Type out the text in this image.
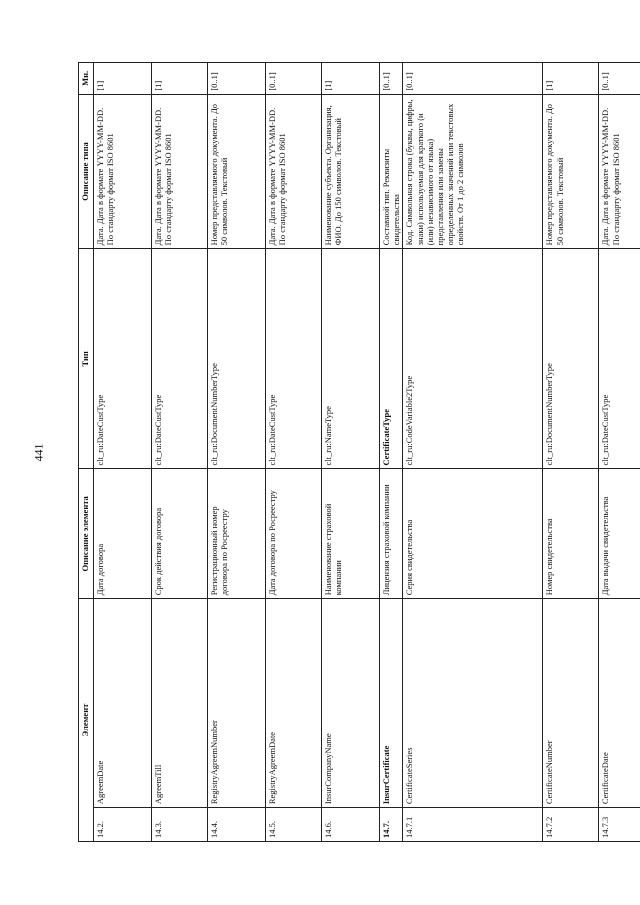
441
Элемент		Описание элемента	Тип	Описание типа	Мн.
14.2.	AgreemDate	Дата договора	clt_ru:DateCustType	Дата. Дата в формате YYYY-MM-DD. По стандарту формат ISO 8601	[1]
14.3.	AgreemTill	Срок действия договора	clt_ru:DateCustType	Дата. Дата в формате YYYY-MM-DD. По стандарту формат ISO 8601	[1]
14.4.	RegistryAgreemNumber	Регистрационный номер договора по Росреестру	clt_ru:DocumentNumberType	Номер представляемого документа. До 50 символов. Текстовый	[0..1]
14.5.	RegistryAgreemDate	Дата договора по Росреестру	clt_ru:DateCustType	Дата. Дата в формате YYYY-MM-DD. По стандарту формат ISO 8601	[0..1]
14.6.	InsurCompanyName	Наименование страховой компании	clt_ru:NameType	Наименование субъекта. Организация, ФИО. До 150 символов. Текстовый	[1]
14.7.	InsurCertificate	Лицензия страховой компании	CertificateType	Составной тип. Реквизиты свидетельства	[0..1]
14.7.1	CertificateSeries	Серия свидетельства	clt_ru:CodeVariable2Type	Код. Символьная строка (буквы, цифры, знаки) используемая для краткого (и (или) независимого от языка) представления или замены определенных значений или текстовых свойств. От 1 до 2 символов	[0..1]
14.7.2	CertificateNumber	Номер свидетельства	clt_ru:DocumentNumberType	Номер представляемого документа. До 50 символов. Текстовый	[1]
14.7.3	CertificateDate	Дата выдачи свидетельства	clt_ru:DateCustType	Дата. Дата в формате YYYY-MM-DD. По стандарту формат ISO 8601	[0..1]
